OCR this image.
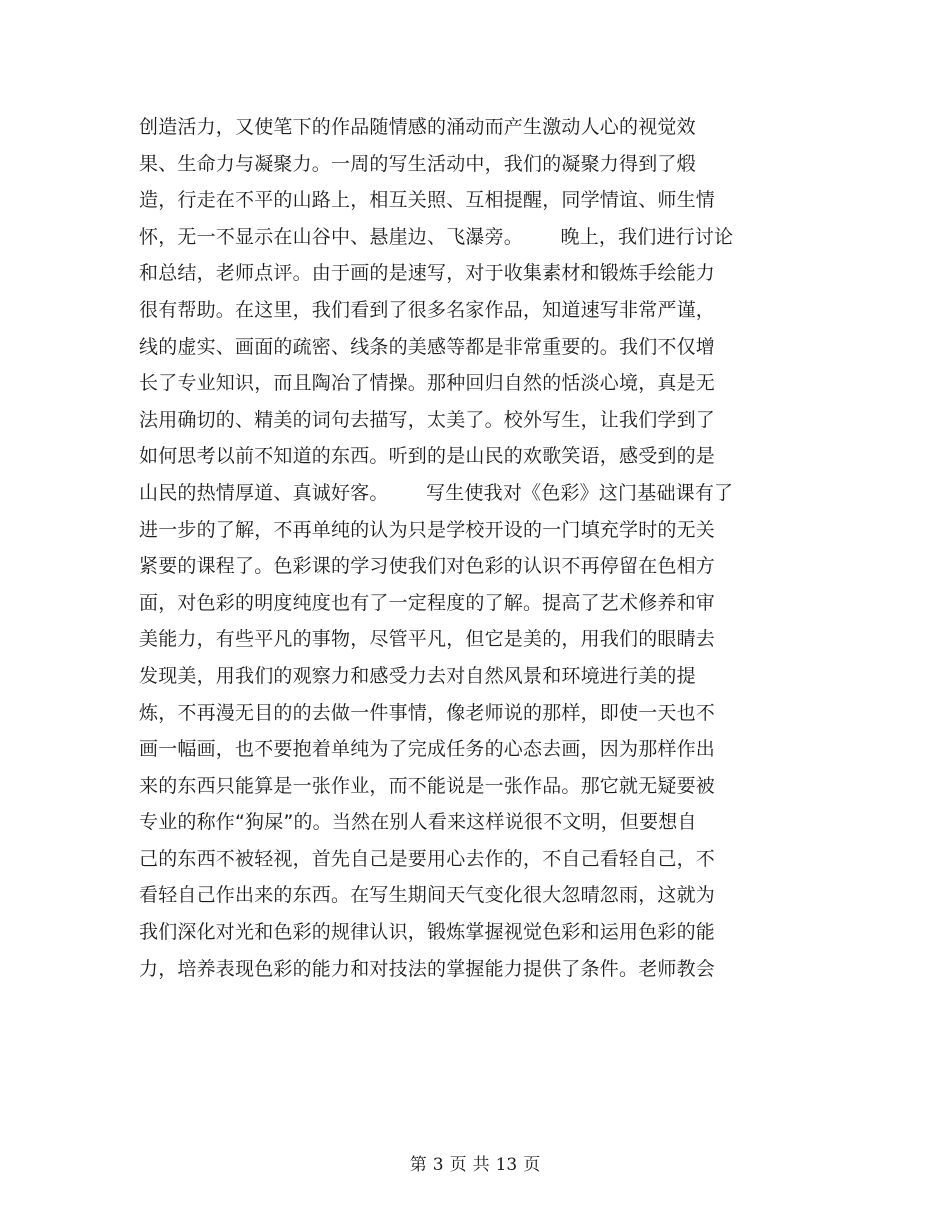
创造活力，又使笔下的作品随情感的涌动而产生激动人心的视觉效
果、生命力与凝聚力。一周的写生活动中，我们的凝聚力得到了煅
造，行走在不平的山路上，相互关照、互相提醒，同学情谊、师生情
怀，无一不显示在山谷中、悬崖边、飞瀑旁。      晚上，我们进行讨论
和总结，老师点评。由于画的是速写，对于收集素材和锻炼手绘能力
很有帮助。在这里，我们看到了很多名家作品，知道速写非常严谨，
线的虚实、画面的疏密、线条的美感等都是非常重要的。我们不仅增
长了专业知识，而且陶冶了情操。那种回归自然的恬淡心境，真是无
法用确切的、精美的词句去描写，太美了。校外写生，让我们学到了
如何思考以前不知道的东西。听到的是山民的欢歌笑语，感受到的是
山民的热情厚道、真诚好客。      写生使我对《色彩》这门基础课有了
进一步的了解，不再单纯的认为只是学校开设的一门填充学时的无关
紧要的课程了。色彩课的学习使我们对色彩的认识不再停留在色相方
面，对色彩的明度纯度也有了一定程度的了解。提高了艺术修养和审
美能力，有些平凡的事物，尽管平凡，但它是美的，用我们的眼睛去
发现美，用我们的观察力和感受力去对自然风景和环境进行美的提
炼，不再漫无目的的去做一件事情，像老师说的那样，即使一天也不
画一幅画，也不要抱着单纯为了完成任务的心态去画，因为那样作出
来的东西只能算是一张作业，而不能说是一张作品。那它就无疑要被
专业的称作“狗屎”的。当然在别人看来这样说很不文明，但要想自
己的东西不被轻视，首先自己是要用心去作的，不自己看轻自己，不
看轻自己作出来的东西。在写生期间天气变化很大忽晴忽雨，这就为
我们深化对光和色彩的规律认识，锻炼掌握视觉色彩和运用色彩的能
力，培养表现色彩的能力和对技法的掌握能力提供了条件。老师教会
第 3 页 共 13 页
